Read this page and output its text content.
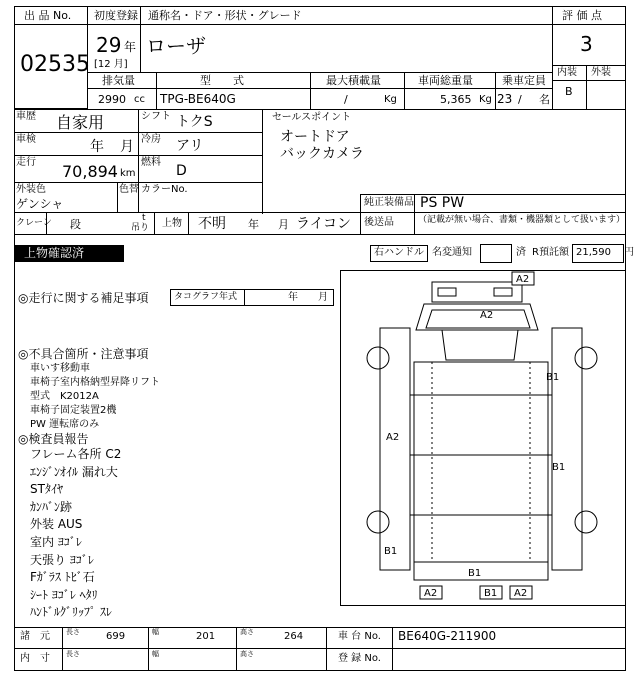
出 品 No.
02535
初度登録 通称名・ドア・形状・グレード
29 年
[12 月]
ローザ
評 価 点
3
内装 外装
B
排気量	型　　式	最大積載量	車両総重量	乗車定員
2990 cc TPG-BE640G	/	Kg	5,365 Kg 23 / 名
車歴 自家用	シフト トクS
車検	年 月 冷房 アリ
走行 70,894 km
燃料
D
外装色
ゲンシャ
色替 カラーNo.
セールスポイント
オートドア
バックカメラ
純正装備品 PS PW
後送品	（記載が無い場合、書類・機器類として扱います）
クレーン 段	t
吊り 上物 不明 年 月 ライコン
上物確認済	右ハンドル 名変通知	済 R預託額 21,590 円
◎走行に関する補足事項	タコグラフ年式	年 月
◎不具合箇所・注意事項
車いす移動車
車椅子室内格納型昇降リフト
型式　K2012A
車椅子固定装置2機
PW 運転席のみ
◎検査員報告
フレーム各所 C2
ｴﾝｼﾞﾝｵｲﾙ 漏れ大
STﾀｲﾔ
ｶﾝﾊﾞﾝ跡
外装 AUS
室内 ﾖｺﾞﾚ
天張り ﾖｺﾞﾚ
Fｶﾞﾗｽ ﾄﾋﾞ石
ｼｰﾄ ﾖｺﾞﾚ ﾍﾀﾘ
ﾊﾝﾄﾞﾙｸﾞﾘｯﾌﾟ ｽﾚ
A2
A2
B1
A2
B1
B1
B1
A2	B1 A2
諸　元 長さ	699	幅	201	高さ	264	車 台 No. BE640G-211900
内　寸 長さ	幅	高さ	登 録 No.
